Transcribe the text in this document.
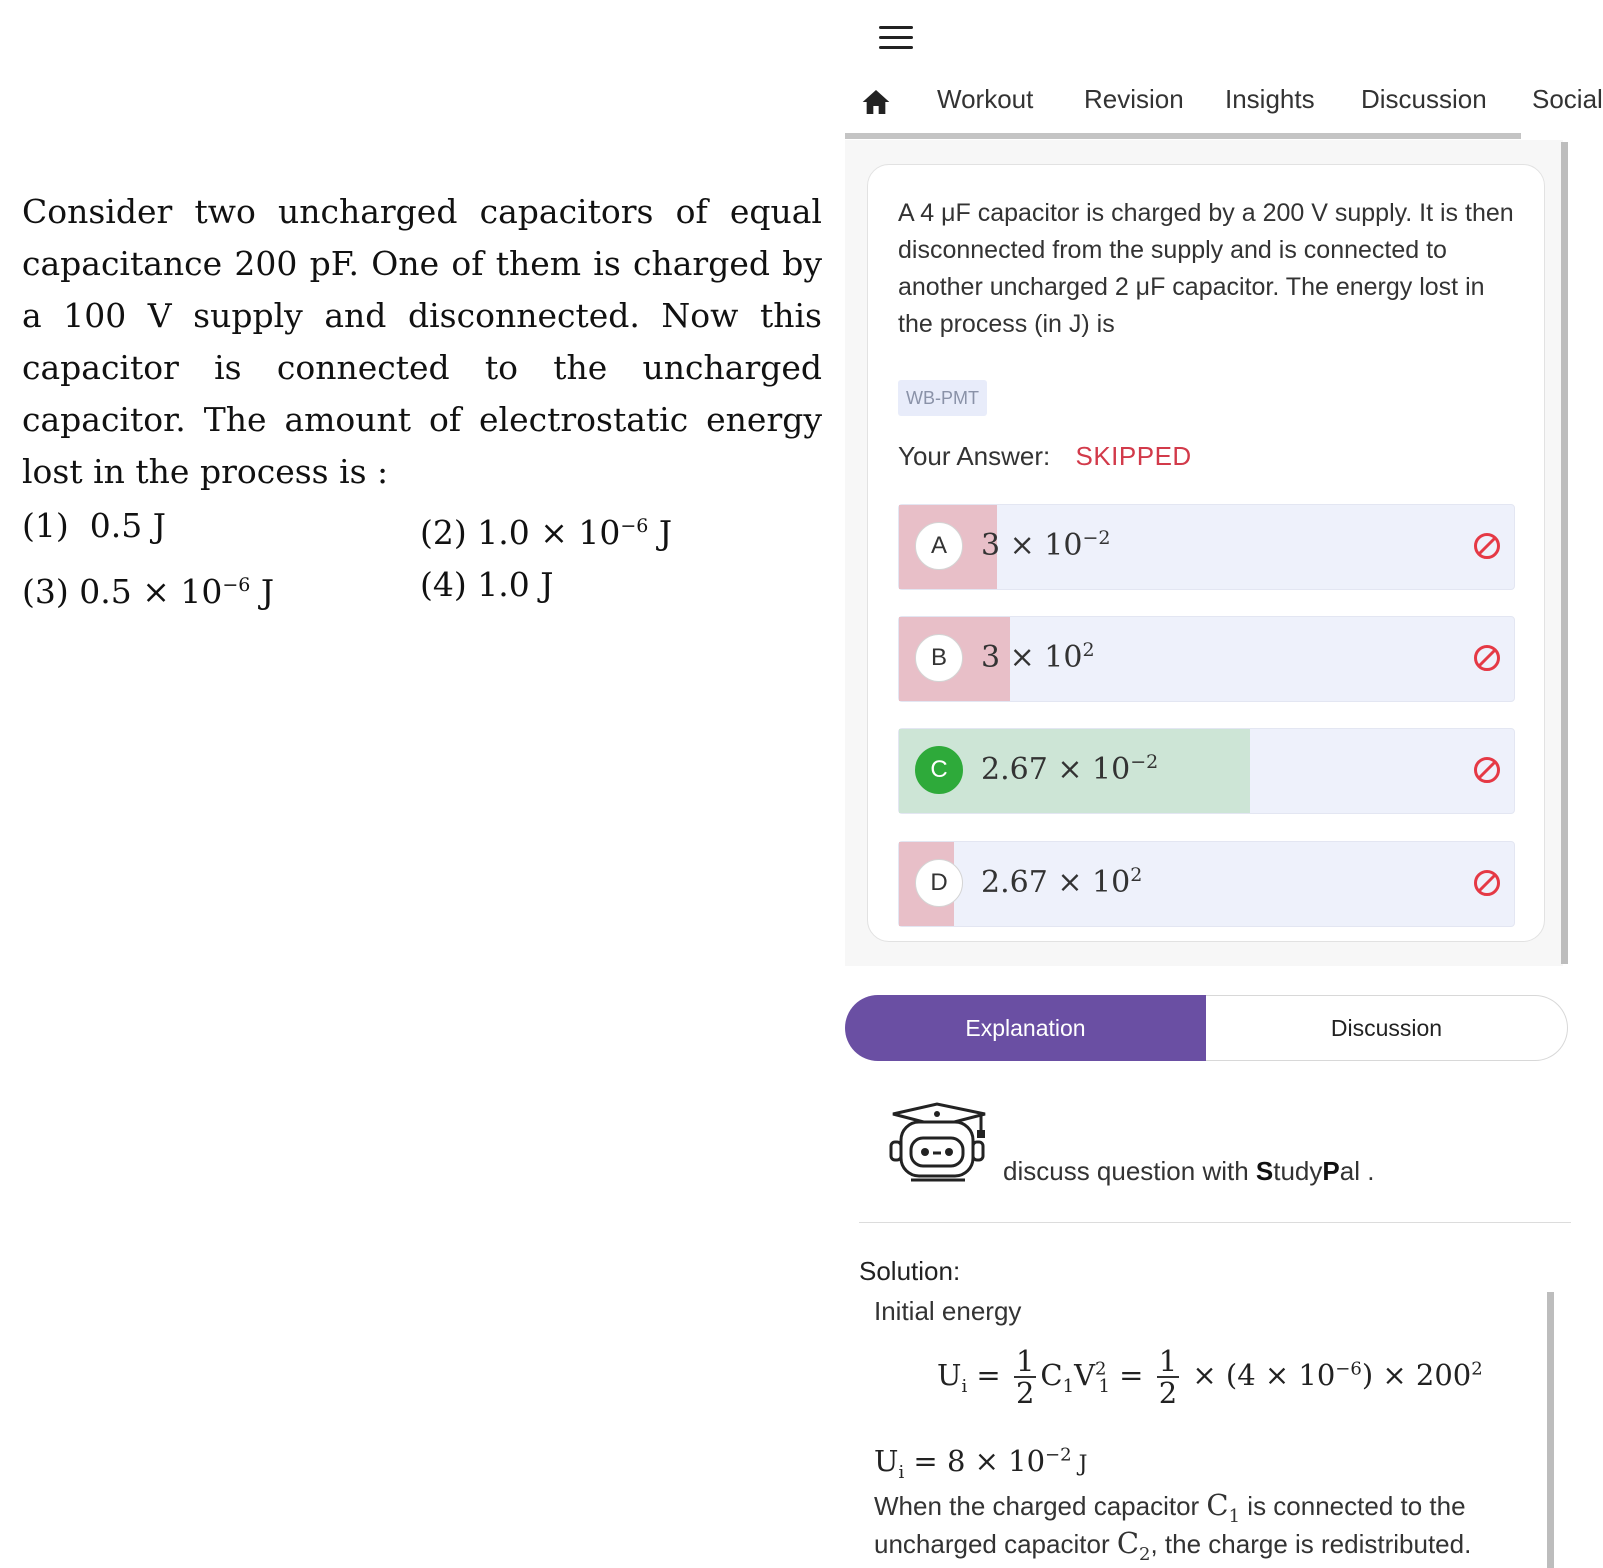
Consider two uncharged capacitors of equal capacitance 200 pF. One of them is charged by a 100 V supply and disconnected. Now this capacitor is connected to the uncharged capacitor. The amount of electrostatic energy lost in the process is :

(1) 0.5 J	(2) $1.0 \times 10^{-6}$ J
(3) $0.5 \times 10^{-6}$ J	(4) 1.0 J
Workout Revision Insights Discussion Social

A 4 μF capacitor is charged by a 200 V supply. It is then disconnected from the supply and is connected to another uncharged 2 μF capacitor. The energy lost in the process (in J) is

WB-PMT
Your Answer: SKIPPED
A	$3 \times 10^{-2}$
B	$3 \times 10^2$
C	$2.67 \times 10^{-2}$
D	$2.67 \times 10^2$
Explanation	Discussion
discuss question with StudyPal .
Solution:
Initial energy
$U_i = \frac{1}{2} C_1V^2_1 = \frac{1}{2} \times (4 \times 10^{-6}) \times 200^2$
$U_i = 8 \times 10^{-2}$ J
When the charged capacitor $C_1$ is connected to the
uncharged capacitor $C_2$, the charge is redistributed.
